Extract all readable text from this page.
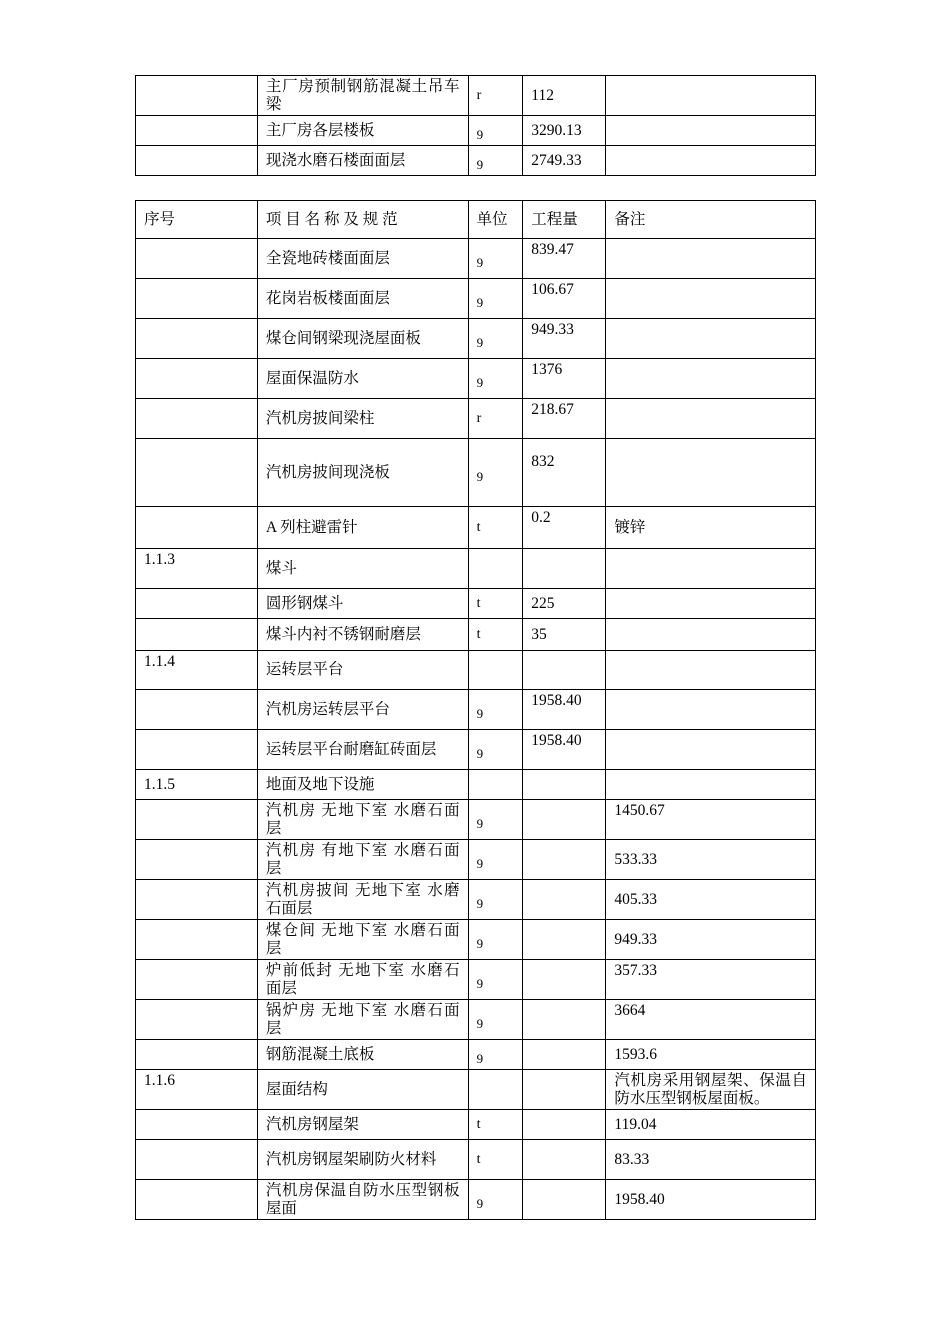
	主厂房预制钢筋混凝土吊车梁	r	112	
	主厂房各层楼板	9	3290.13	
	现浇水磨石楼面面层	9	2749.33	
序号	项 目 名 称 及 规 范	单位	工程量	备注
	全瓷地砖楼面面层	9	839.47	
	花岗岩板楼面面层	9	106.67	
	煤仓间钢梁现浇屋面板	9	949.33	
	屋面保温防水	9	1376	
	汽机房披间梁柱	r	218.67	
	汽机房披间现浇板	9	832	
	A 列柱避雷针	t	0.2	镀锌
1.1.3	煤斗			
	圆形钢煤斗	t	225	
	煤斗内衬不锈钢耐磨层	t	35	
1.1.4	运转层平台			
	汽机房运转层平台	9	1958.40	
	运转层平台耐磨缸砖面层	9	1958.40	
1.1.5	地面及地下设施			
	汽机房 无地下室 水磨石面层	9		1450.67
	汽机房 有地下室 水磨石面层	9		533.33
	汽机房披间 无地下室 水磨石面层	9		405.33
	煤仓间 无地下室 水磨石面层	9		949.33
	炉前低封 无地下室 水磨石面层	9		357.33
	锅炉房 无地下室 水磨石面层	9		3664
	钢筋混凝土底板	9		1593.6
1.1.6	屋面结构			汽机房采用钢屋架、保温自防水压型钢板屋面板。
	汽机房钢屋架	t		119.04
	汽机房钢屋架刷防火材料	t		83.33
	汽机房保温自防水压型钢板屋面	9		1958.40
